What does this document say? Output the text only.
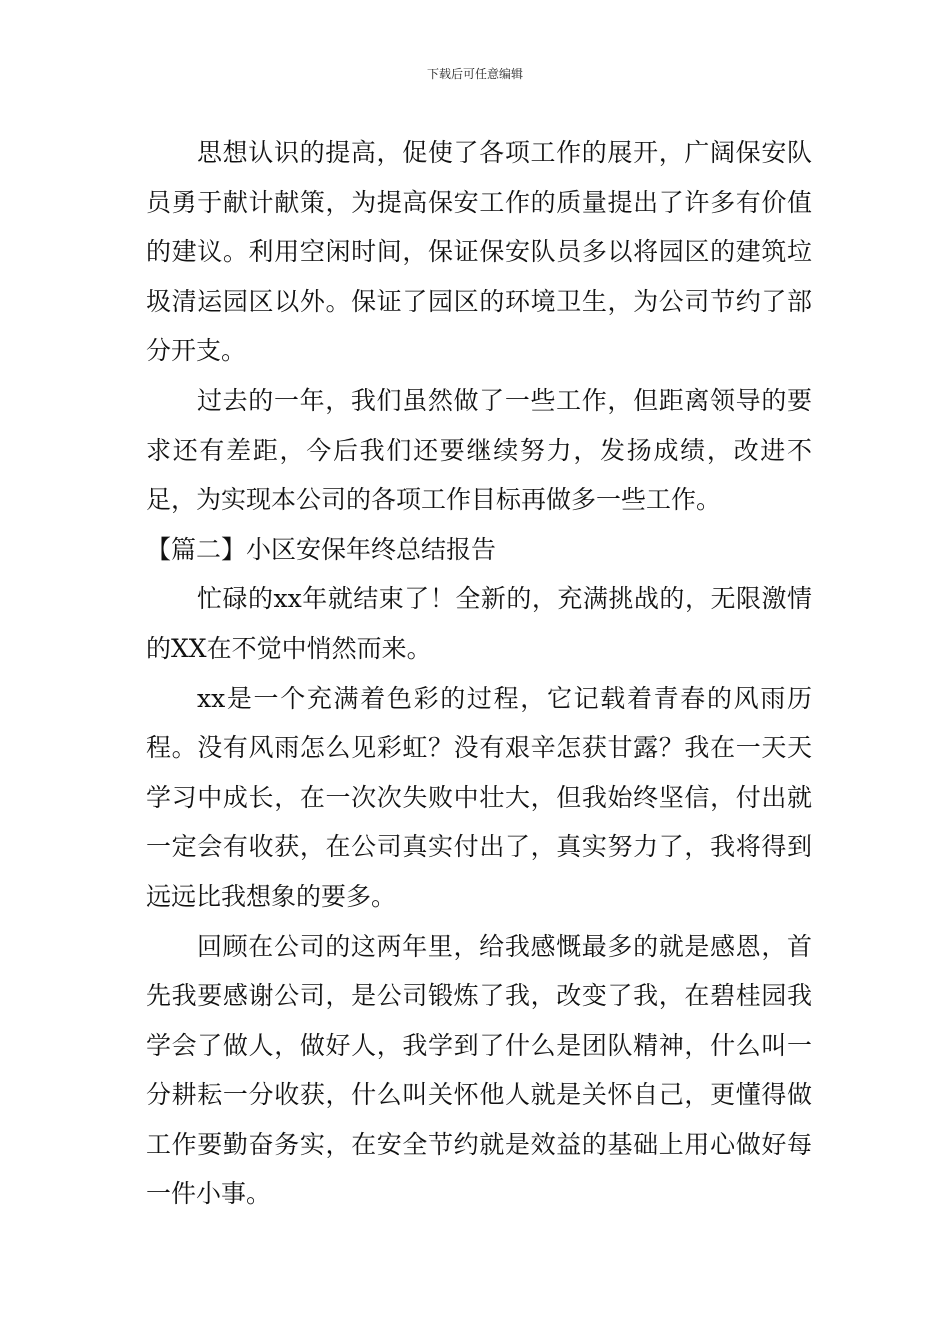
下载后可任意编辑

思想认识的提高，促使了各项工作的展开，广阔保安队员勇于献计献策，为提高保安工作的质量提出了许多有价值的建议。利用空闲时间，保证保安队员多以将园区的建筑垃圾清运园区以外。保证了园区的环境卫生，为公司节约了部分开支。

过去的一年，我们虽然做了一些工作，但距离领导的要求还有差距，今后我们还要继续努力，发扬成绩，改进不足，为实现本公司的各项工作目标再做多一些工作。

【篇二】小区安保年终总结报告

忙碌的xx年就结束了！全新的，充满挑战的，无限激情的XX在不觉中悄然而来。

xx是一个充满着色彩的过程，它记载着青春的风雨历程。没有风雨怎么见彩虹？没有艰辛怎获甘露？我在一天天学习中成长，在一次次失败中壮大，但我始终坚信，付出就一定会有收获，在公司真实付出了，真实努力了，我将得到远远比我想象的要多。

回顾在公司的这两年里，给我感慨最多的就是感恩，首先我要感谢公司，是公司锻炼了我，改变了我，在碧桂园我学会了做人，做好人，我学到了什么是团队精神，什么叫一分耕耘一分收获，什么叫关怀他人就是关怀自己，更懂得做工作要勤奋务实，在安全节约就是效益的基础上用心做好每一件小事。
